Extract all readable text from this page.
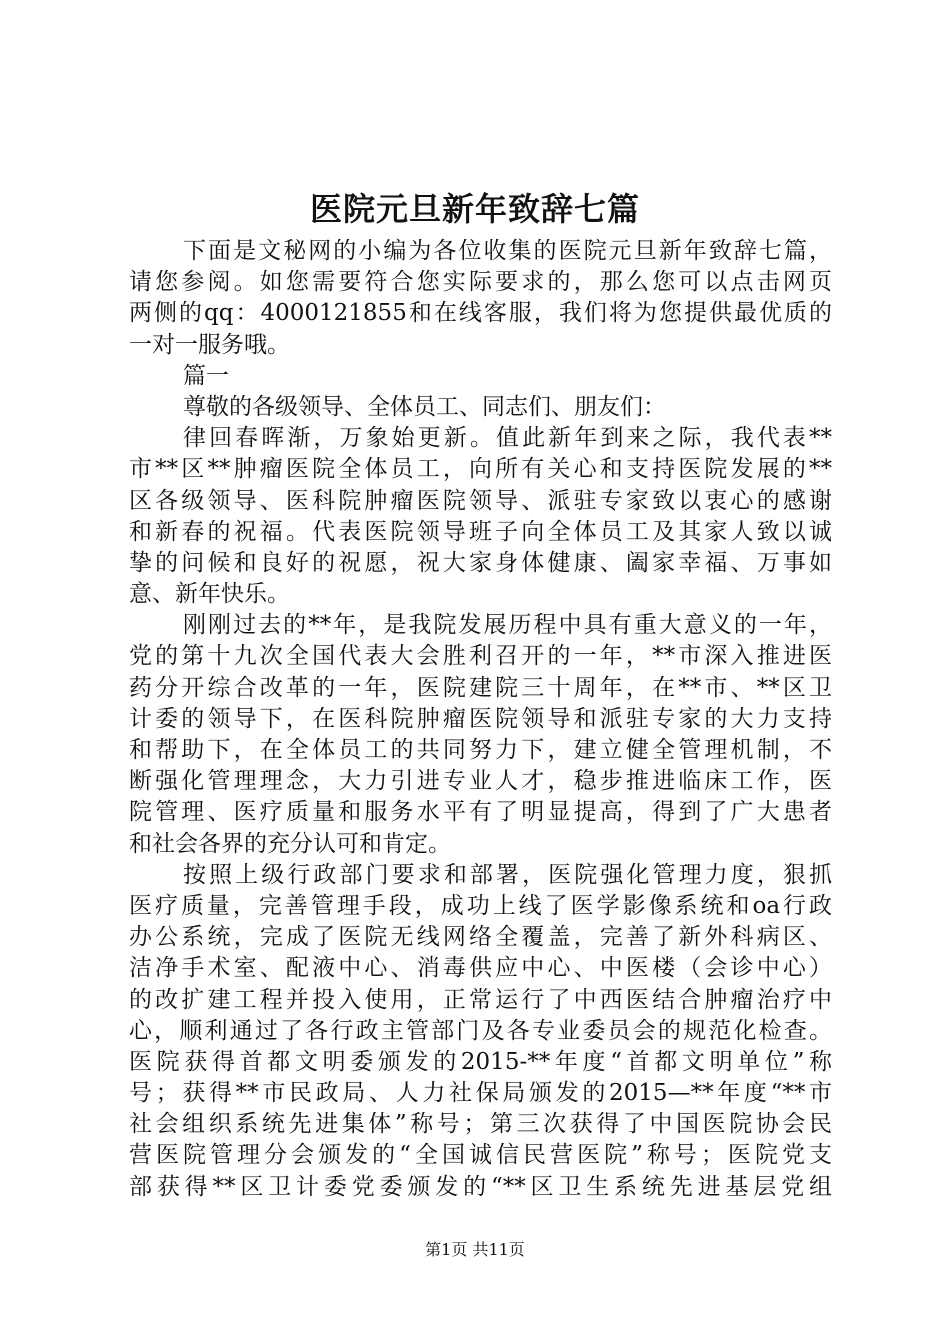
医院元旦新年致辞七篇
下面是文秘网的小编为各位收集的医院元旦新年致辞七篇，
请您参阅。如您需要符合您实际要求的，那么您可以点击网页
两侧的qq：4000121855和在线客服，我们将为您提供最优质的
一对一服务哦。
篇一
尊敬的各级领导、全体员工、同志们、朋友们：
律回春晖渐，万象始更新。值此新年到来之际，我代表**
市**区**肿瘤医院全体员工，向所有关心和支持医院发展的**
区各级领导、医科院肿瘤医院领导、派驻专家致以衷心的感谢
和新春的祝福。代表医院领导班子向全体员工及其家人致以诚
挚的问候和良好的祝愿，祝大家身体健康、阖家幸福、万事如
意、新年快乐。
刚刚过去的**年，是我院发展历程中具有重大意义的一年，
党的第十九次全国代表大会胜利召开的一年，**市深入推进医
药分开综合改革的一年，医院建院三十周年，在**市、**区卫
计委的领导下，在医科院肿瘤医院领导和派驻专家的大力支持
和帮助下，在全体员工的共同努力下，建立健全管理机制，不
断强化管理理念，大力引进专业人才，稳步推进临床工作，医
院管理、医疗质量和服务水平有了明显提高，得到了广大患者
和社会各界的充分认可和肯定。
按照上级行政部门要求和部署，医院强化管理力度，狠抓
医疗质量，完善管理手段，成功上线了医学影像系统和oa行政
办公系统，完成了医院无线网络全覆盖，完善了新外科病区、
洁净手术室、配液中心、消毒供应中心、中医楼（会诊中心）
的改扩建工程并投入使用，正常运行了中西医结合肿瘤治疗中
心，顺利通过了各行政主管部门及各专业委员会的规范化检查。
医院获得首都文明委颁发的2015-**年度“首都文明单位”称
号；获得**市民政局、人力社保局颁发的2015—**年度“**市
社会组织系统先进集体”称号；第三次获得了中国医院协会民
营医院管理分会颁发的“全国诚信民营医院”称号；医院党支
部获得**区卫计委党委颁发的“**区卫生系统先进基层党组
第1页 共11页
